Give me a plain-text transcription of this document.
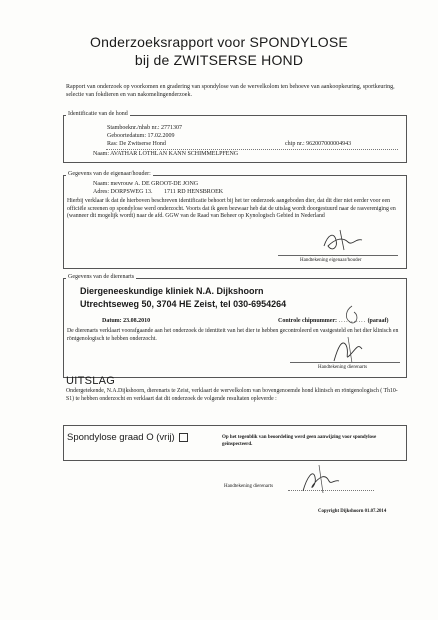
Onderzoeksrapport voor SPONDYLOSE
bij de ZWITSERSE HOND
Rapport van onderzoek op voorkomen en gradering van spondylose van de wervelkolom ten behoeve van aankoopkeuring, sportkeuring, selectie van fokdieren en van nakomelingenderzoek.
Identificatie van de hond
Stamboeknr./nhsb nr.: 2771307
Geboortedatum: 17.02.2009
Ras: De Zwitserse Hond	chip nr.: 962007000004943
Naam: AVATHAR LOTHLAN KANN SCHIMMELPFENG
Gegevens van de eigenaar/houder:
Naam: mevrouw A. DE GROOT-DE JONG
Adres: DORPSWEG 13. 1711 RD HENSBROEK
Hierbij verklaar ik dat de hierboven beschreven identificatie behoort bij het ter onderzoek aangeboden dier, dat dit dier niet eerder voor een officiële screenen op spondylose werd onderzocht. Voorts dat ik geen bezwaar heb dat de uitslag wordt doorgestuurd naar de rasvereniging en (wanneer dit mogelijk wordt) naar de afd. GGW van de Raad van Beheer op Kynologisch Gebied in Nederland
Handtekening eigenaar/houder
Gegevens van de dierenarts
Diergeneeskundige kliniek N.A. Dijkshoorn
Utrechtseweg 50, 3704 HE Zeist, tel 030-6954264
Datum: 23.08.2010	Controle chipnummer: ........... (paraaf)
De dierenarts verklaart voorafgaande aan het onderzoek de identiteit van het dier te hebben gecontroleerd en vastgesteld en het dier klinisch en röntgenologisch te hebben onderzocht.
Handtekening dierenarts
UITSLAG
Ondergetekende, N.A.Dijkshoorn, dierenarts te Zeist, verklaart de wervelkolom van bovengenoemde hond klinisch en röntgenologisch ( Th10-S1) te hebben onderzocht en verklaart dat dit onderzoek de volgende resultaten opleverde :
Spondylose graad O (vrij)	Op het tegenblik van beoordeling werd geen aanwijzing voor spondylose geïnspecteerd.
Handtekening dierenarts
Copyright Dijkshoorn 01.07.2014
